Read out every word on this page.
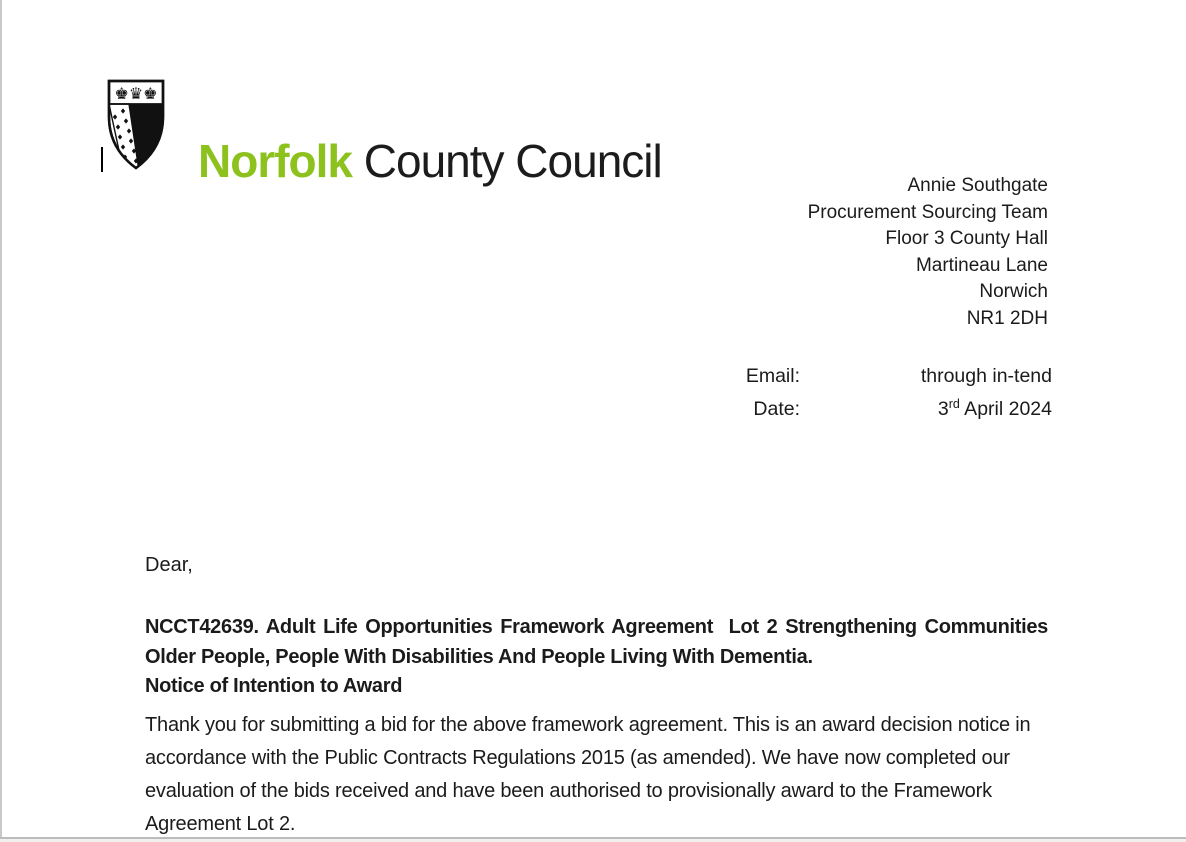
♚♛♚
Norfolk County Council	Annie Southgate
Procurement Sourcing Team
Floor 3 County Hall
Martineau Lane
Norwich
NR1 2DH
Email:	through in-tend
Date:	3rd April 2024
Dear,
NCCT42639. Adult Life Opportunities Framework Agreement  Lot 2 Strengthening Communities Older People, People With Disabilities And People Living With Dementia.
Notice of Intention to Award
Thank you for submitting a bid for the above framework agreement. This is an award decision notice in accordance with the Public Contracts Regulations 2015 (as amended). We have now completed our evaluation of the bids received and have been authorised to provisionally award to the Framework Agreement Lot 2.
